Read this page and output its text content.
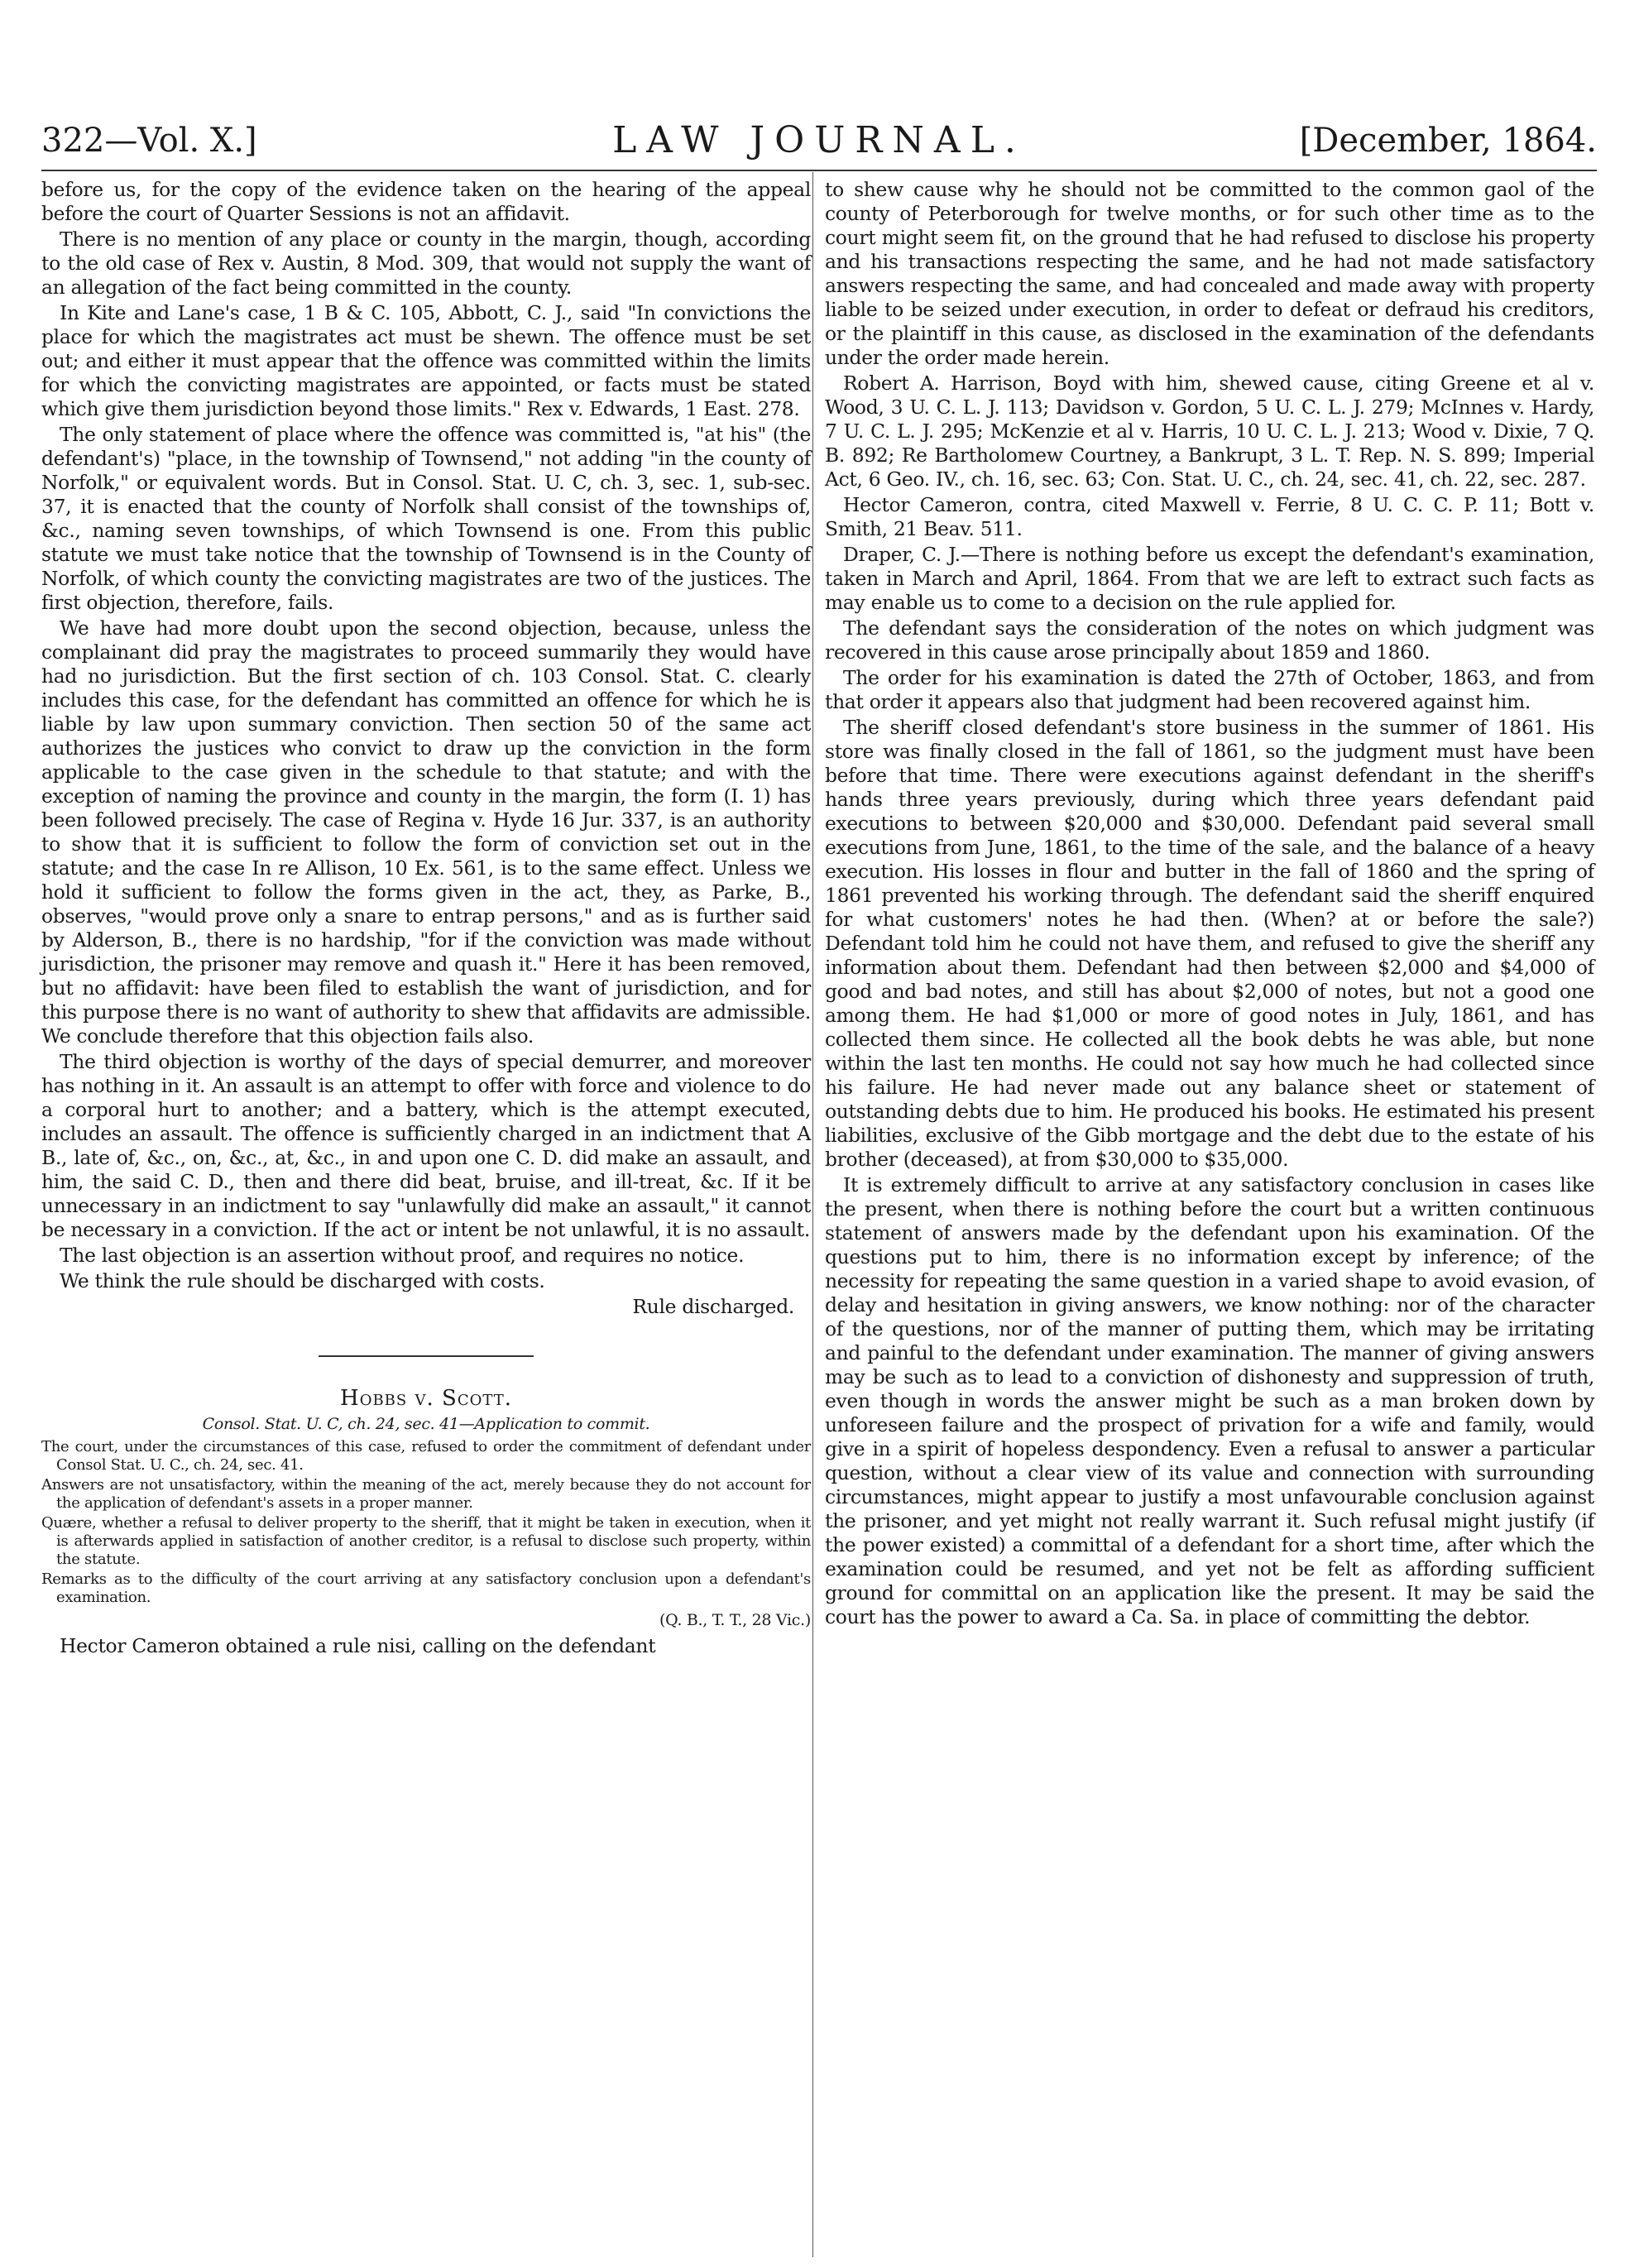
322—Vol. X.]	LAW JOURNAL.	[December, 1864.

before us, for the copy of the evidence taken on the hearing of the appeal before the court of Quarter Sessions is not an affidavit.

There is no mention of any place or county in the margin, though, according to the old case of Rex v. Austin, 8 Mod. 309, that would not supply the want of an allegation of the fact being committed in the county.

In Kite and Lane's case, 1 B & C. 105, Abbott, C. J., said "In convictions the place for which the magistrates act must be shewn. The offence must be set out; and either it must appear that the offence was committed within the limits for which the convicting magistrates are appointed, or facts must be stated which give them jurisdiction beyond those limits." Rex v. Edwards, 1 East. 278.

The only statement of place where the offence was committed is, "at his" (the defendant's) "place, in the township of Townsend," not adding "in the county of Norfolk," or equivalent words. But in Consol. Stat. U. C, ch. 3, sec. 1, sub-sec. 37, it is enacted that the county of Norfolk shall consist of the townships of, &c., naming seven townships, of which Townsend is one. From this public statute we must take notice that the township of Townsend is in the County of Norfolk, of which county the convicting magistrates are two of the justices. The first objection, therefore, fails.

We have had more doubt upon the second objection, because, unless the complainant did pray the magistrates to proceed summarily they would have had no jurisdiction. But the first section of ch. 103 Consol. Stat. C. clearly includes this case, for the defendant has committed an offence for which he is liable by law upon summary conviction. Then section 50 of the same act authorizes the justices who convict to draw up the conviction in the form applicable to the case given in the schedule to that statute; and with the exception of naming the province and county in the margin, the form (I. 1) has been followed precisely. The case of Regina v. Hyde 16 Jur. 337, is an authority to show that it is sufficient to follow the form of conviction set out in the statute; and the case In re Allison, 10 Ex. 561, is to the same effect. Unless we hold it sufficient to follow the forms given in the act, they, as Parke, B., observes, "would prove only a snare to entrap persons," and as is further said by Alderson, B., there is no hardship, "for if the conviction was made without jurisdiction, the prisoner may remove and quash it." Here it has been removed, but no affidavit: have been filed to establish the want of jurisdiction, and for this purpose there is no want of authority to shew that affidavits are admissible. We conclude therefore that this objection fails also.

The third objection is worthy of the days of special demurrer, and moreover has nothing in it. An assault is an attempt to offer with force and violence to do a corporal hurt to another; and a battery, which is the attempt executed, includes an assault. The offence is sufficiently charged in an indictment that A B., late of, &c., on, &c., at, &c., in and upon one C. D. did make an assault, and him, the said C. D., then and there did beat, bruise, and ill-treat, &c. If it be unnecessary in an indictment to say "unlawfully did make an assault," it cannot be necessary in a conviction. If the act or intent be not unlawful, it is no assault.

The last objection is an assertion without proof, and requires no notice.

We think the rule should be discharged with costs.

Rule discharged.

Hobbs v. Scott.

Consol. Stat. U. C, ch. 24, sec. 41—Application to commit.

The court, under the circumstances of this case, refused to order the commitment of defendant under Consol Stat. U. C., ch. 24, sec. 41.

Answers are not unsatisfactory, within the meaning of the act, merely because they do not account for the application of defendant's assets in a proper manner.

Quære, whether a refusal to deliver property to the sheriff, that it might be taken in execution, when it is afterwards applied in satisfaction of another creditor, is a refusal to disclose such property, within the statute.

Remarks as to the difficulty of the court arriving at any satisfactory conclusion upon a defendant's examination.

(Q. B., T. T., 28 Vic.)

Hector Cameron obtained a rule nisi, calling on the defendant

to shew cause why he should not be committed to the common gaol of the county of Peterborough for twelve months, or for such other time as to the court might seem fit, on the ground that he had refused to disclose his property and his transactions respecting the same, and he had not made satisfactory answers respecting the same, and had concealed and made away with property liable to be seized under execution, in order to defeat or defraud his creditors, or the plaintiff in this cause, as disclosed in the examination of the defendants under the order made herein.

Robert A. Harrison, Boyd with him, shewed cause, citing Greene et al v. Wood, 3 U. C. L. J. 113; Davidson v. Gordon, 5 U. C. L. J. 279; McInnes v. Hardy, 7 U. C. L. J. 295; McKenzie et al v. Harris, 10 U. C. L. J. 213; Wood v. Dixie, 7 Q. B. 892; Re Bartholomew Courtney, a Bankrupt, 3 L. T. Rep. N. S. 899; Imperial Act, 6 Geo. IV., ch. 16, sec. 63; Con. Stat. U. C., ch. 24, sec. 41, ch. 22, sec. 287.

Hector Cameron, contra, cited Maxwell v. Ferrie, 8 U. C. C. P. 11; Bott v. Smith, 21 Beav. 511.

Draper, C. J.—There is nothing before us except the defendant's examination, taken in March and April, 1864. From that we are left to extract such facts as may enable us to come to a decision on the rule applied for.

The defendant says the consideration of the notes on which judgment was recovered in this cause arose principally about 1859 and 1860.

The order for his examination is dated the 27th of October, 1863, and from that order it appears also that judgment had been recovered against him.

The sheriff closed defendant's store business in the summer of 1861. His store was finally closed in the fall of 1861, so the judgment must have been before that time. There were executions against defendant in the sheriff's hands three years previously, during which three years defendant paid executions to between $20,000 and $30,000. Defendant paid several small executions from June, 1861, to the time of the sale, and the balance of a heavy execution. His losses in flour and butter in the fall of 1860 and the spring of 1861 prevented his working through. The defendant said the sheriff enquired for what customers' notes he had then. (When? at or before the sale?) Defendant told him he could not have them, and refused to give the sheriff any information about them. Defendant had then between $2,000 and $4,000 of good and bad notes, and still has about $2,000 of notes, but not a good one among them. He had $1,000 or more of good notes in July, 1861, and has collected them since. He collected all the book debts he was able, but none within the last ten months. He could not say how much he had collected since his failure. He had never made out any balance sheet or statement of outstanding debts due to him. He produced his books. He estimated his present liabilities, exclusive of the Gibb mortgage and the debt due to the estate of his brother (deceased), at from $30,000 to $35,000.

It is extremely difficult to arrive at any satisfactory conclusion in cases like the present, when there is nothing before the court but a written continuous statement of answers made by the defendant upon his examination. Of the questions put to him, there is no information except by inference; of the necessity for repeating the same question in a varied shape to avoid evasion, of delay and hesitation in giving answers, we know nothing: nor of the character of the questions, nor of the manner of putting them, which may be irritating and painful to the defendant under examination. The manner of giving answers may be such as to lead to a conviction of dishonesty and suppression of truth, even though in words the answer might be such as a man broken down by unforeseen failure and the prospect of privation for a wife and family, would give in a spirit of hopeless despondency. Even a refusal to answer a particular question, without a clear view of its value and connection with surrounding circumstances, might appear to justify a most unfavourable conclusion against the prisoner, and yet might not really warrant it. Such refusal might justify (if the power existed) a committal of a defendant for a short time, after which the examination could be resumed, and yet not be felt as affording sufficient ground for committal on an application like the present. It may be said the court has the power to award a Ca. Sa. in place of committing the debtor.
